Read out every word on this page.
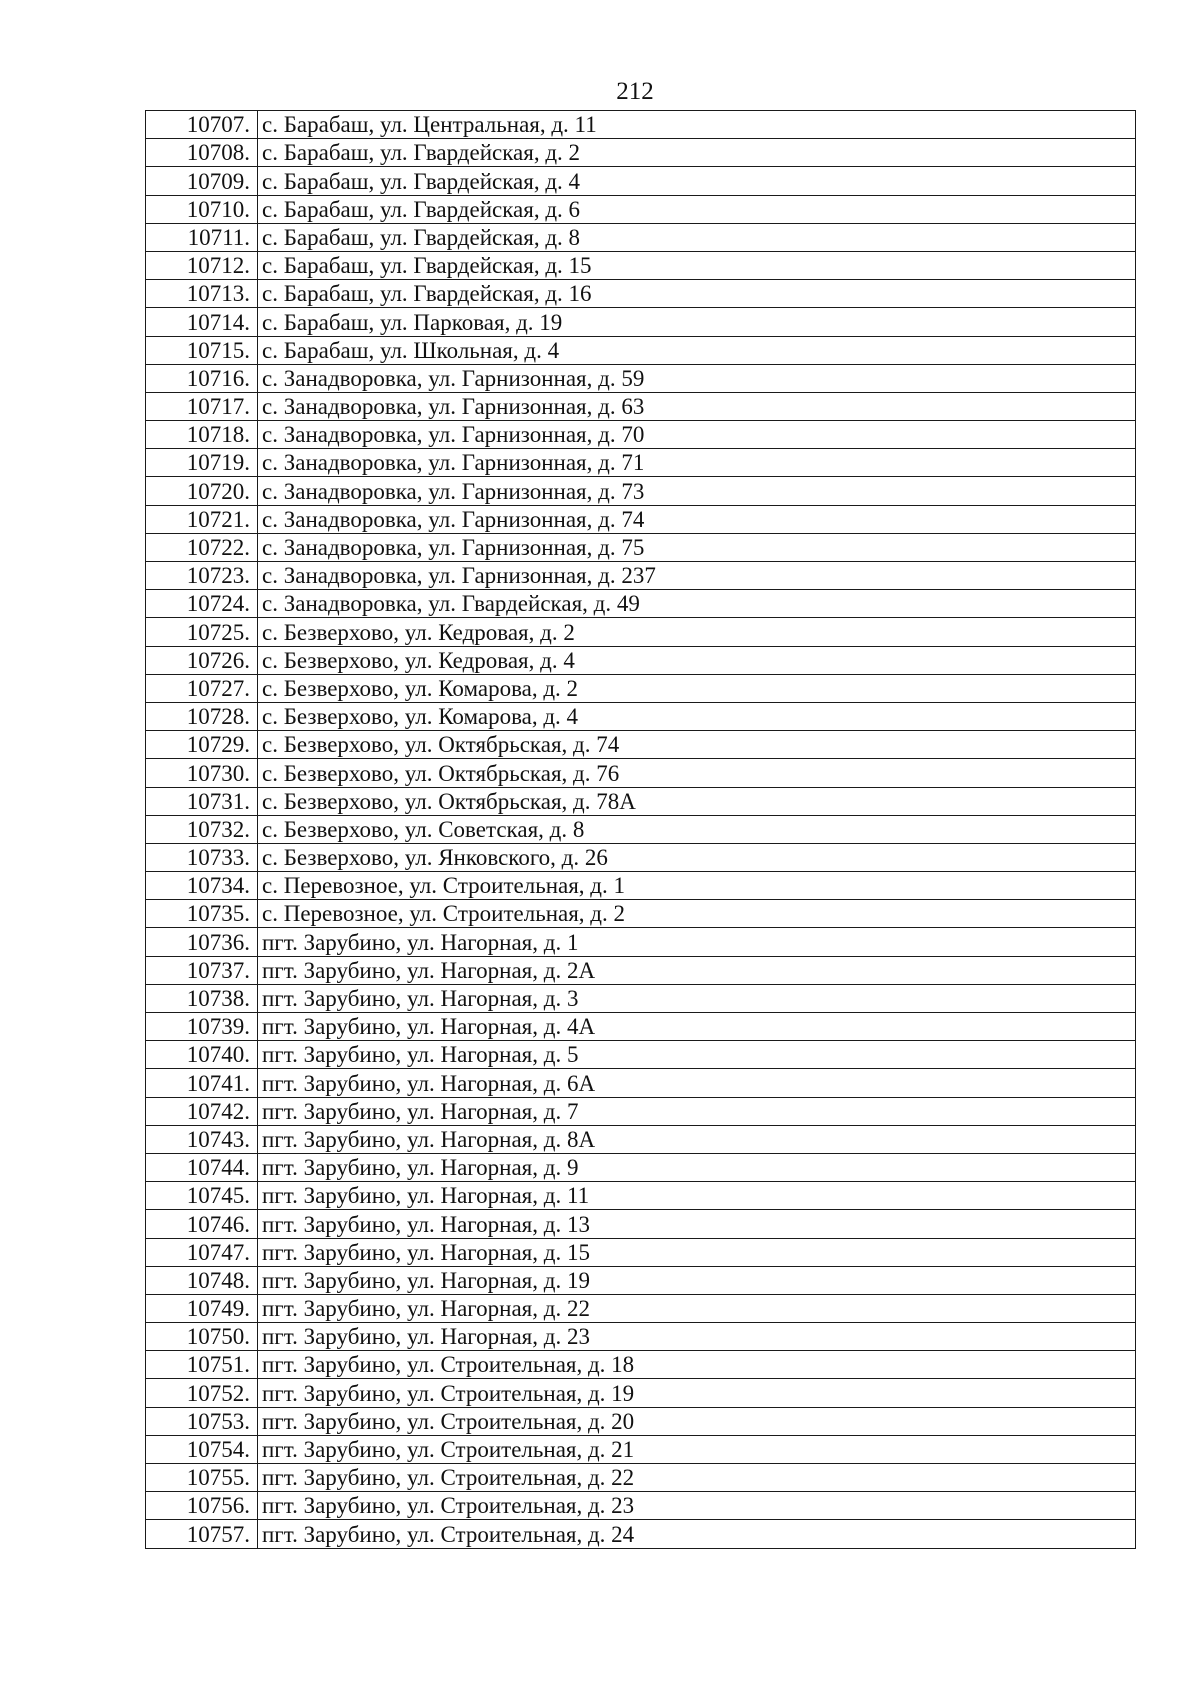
212
10707.	с. Барабаш, ул. Центральная, д. 11
10708.	с. Барабаш, ул. Гвардейская, д. 2
10709.	с. Барабаш, ул. Гвардейская, д. 4
10710.	с. Барабаш, ул. Гвардейская, д. 6
10711.	с. Барабаш, ул. Гвардейская, д. 8
10712.	с. Барабаш, ул. Гвардейская, д. 15
10713.	с. Барабаш, ул. Гвардейская, д. 16
10714.	с. Барабаш, ул. Парковая, д. 19
10715.	с. Барабаш, ул. Школьная, д. 4
10716.	с. Занадворовка, ул. Гарнизонная, д. 59
10717.	с. Занадворовка, ул. Гарнизонная, д. 63
10718.	с. Занадворовка, ул. Гарнизонная, д. 70
10719.	с. Занадворовка, ул. Гарнизонная, д. 71
10720.	с. Занадворовка, ул. Гарнизонная, д. 73
10721.	с. Занадворовка, ул. Гарнизонная, д. 74
10722.	с. Занадворовка, ул. Гарнизонная, д. 75
10723.	с. Занадворовка, ул. Гарнизонная, д. 237
10724.	с. Занадворовка, ул. Гвардейская, д. 49
10725.	с. Безверхово, ул. Кедровая, д. 2
10726.	с. Безверхово, ул. Кедровая, д. 4
10727.	с. Безверхово, ул. Комарова, д. 2
10728.	с. Безверхово, ул. Комарова, д. 4
10729.	с. Безверхово, ул. Октябрьская, д. 74
10730.	с. Безверхово, ул. Октябрьская, д. 76
10731.	с. Безверхово, ул. Октябрьская, д. 78А
10732.	с. Безверхово, ул. Советская, д. 8
10733.	с. Безверхово, ул. Янковского, д. 26
10734.	с. Перевозное, ул. Строительная, д. 1
10735.	с. Перевозное, ул. Строительная, д. 2
10736.	пгт. Зарубино, ул. Нагорная, д. 1
10737.	пгт. Зарубино, ул. Нагорная, д. 2А
10738.	пгт. Зарубино, ул. Нагорная, д. 3
10739.	пгт. Зарубино, ул. Нагорная, д. 4А
10740.	пгт. Зарубино, ул. Нагорная, д. 5
10741.	пгт. Зарубино, ул. Нагорная, д. 6А
10742.	пгт. Зарубино, ул. Нагорная, д. 7
10743.	пгт. Зарубино, ул. Нагорная, д. 8А
10744.	пгт. Зарубино, ул. Нагорная, д. 9
10745.	пгт. Зарубино, ул. Нагорная, д. 11
10746.	пгт. Зарубино, ул. Нагорная, д. 13
10747.	пгт. Зарубино, ул. Нагорная, д. 15
10748.	пгт. Зарубино, ул. Нагорная, д. 19
10749.	пгт. Зарубино, ул. Нагорная, д. 22
10750.	пгт. Зарубино, ул. Нагорная, д. 23
10751.	пгт. Зарубино, ул. Строительная, д. 18
10752.	пгт. Зарубино, ул. Строительная, д. 19
10753.	пгт. Зарубино, ул. Строительная, д. 20
10754.	пгт. Зарубино, ул. Строительная, д. 21
10755.	пгт. Зарубино, ул. Строительная, д. 22
10756.	пгт. Зарубино, ул. Строительная, д. 23
10757.	пгт. Зарубино, ул. Строительная, д. 24
